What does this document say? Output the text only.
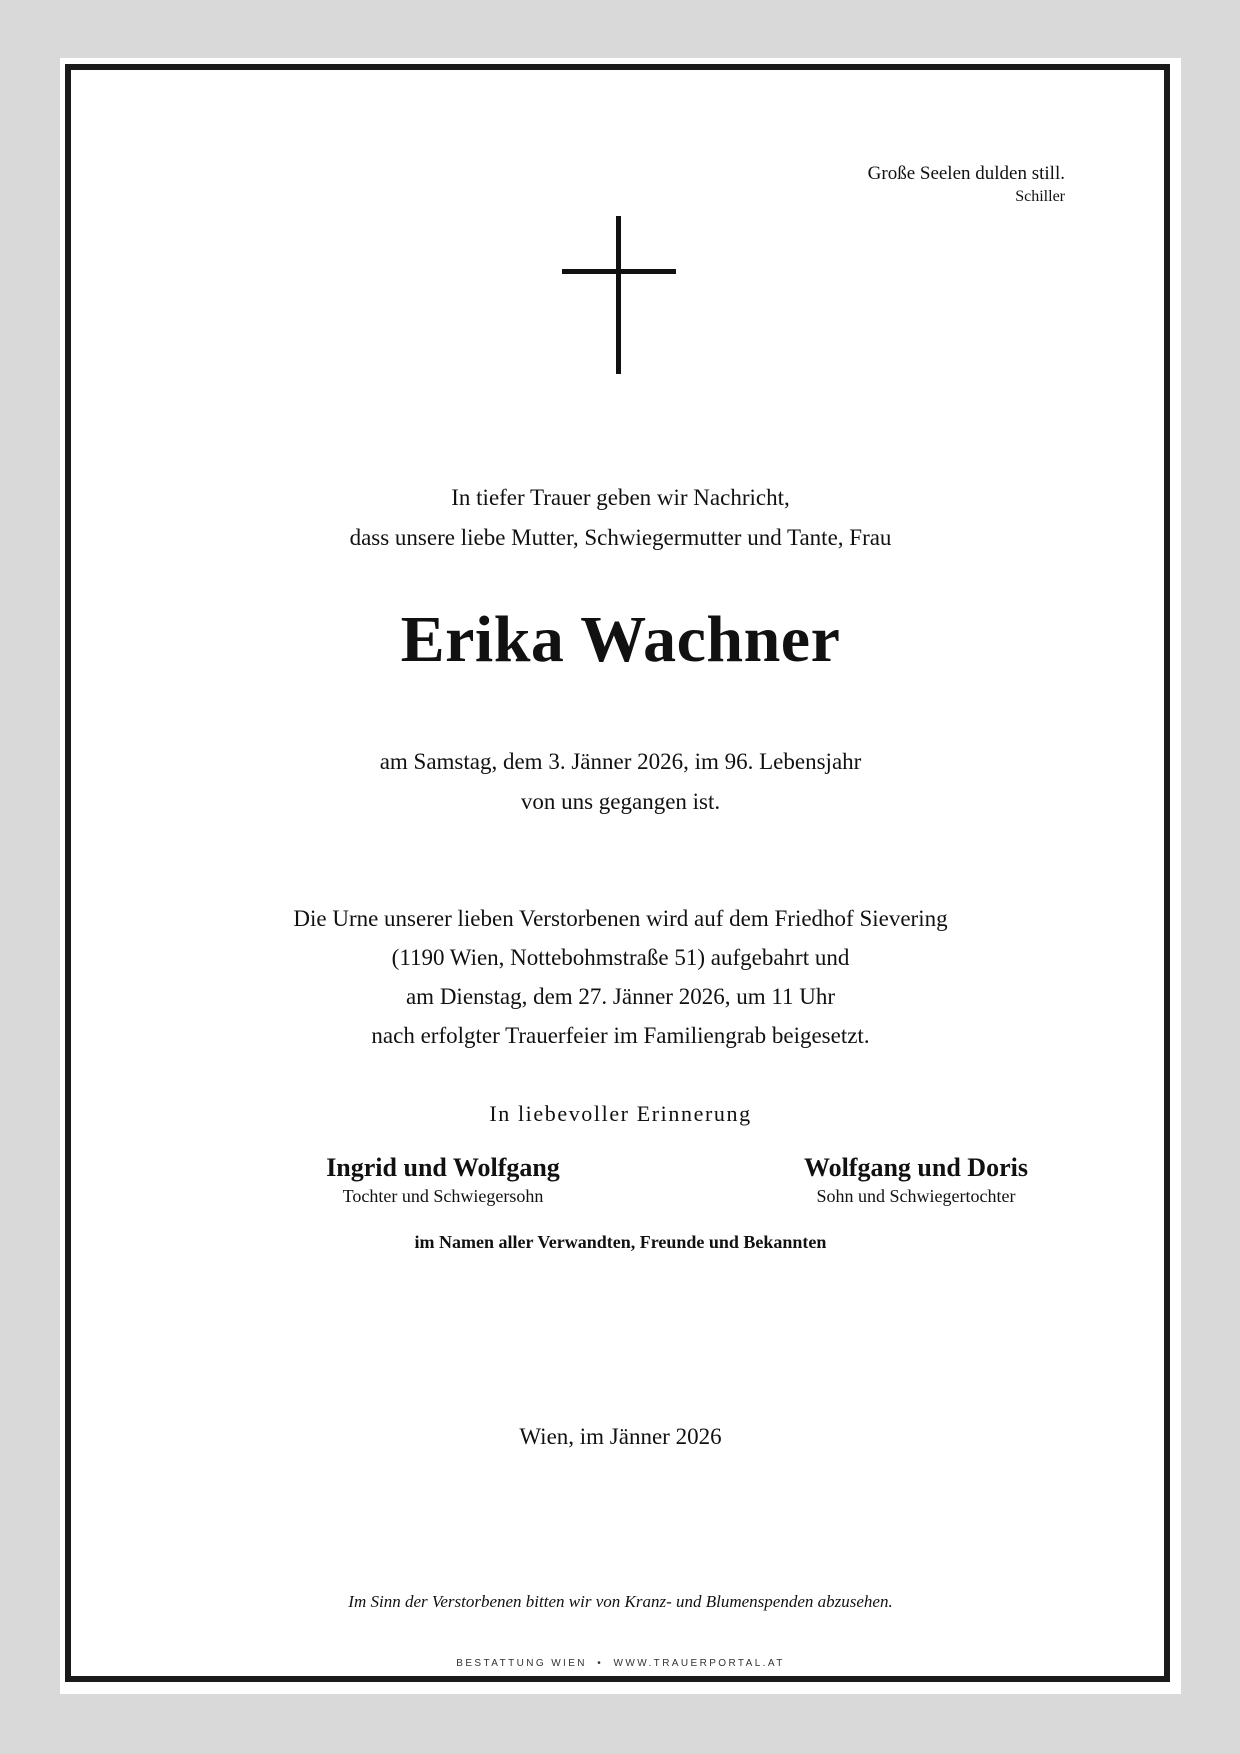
Große Seelen dulden still.
Schiller
In tiefer Trauer geben wir Nachricht,
dass unsere liebe Mutter, Schwiegermutter und Tante, Frau
Erika Wachner
am Samstag, dem 3. Jänner 2026, im 96. Lebensjahr
von uns gegangen ist.
Die Urne unserer lieben Verstorbenen wird auf dem Friedhof Sievering
(1190 Wien, Nottebohmstraße 51) aufgebahrt und
am Dienstag, dem 27. Jänner 2026, um 11 Uhr
nach erfolgter Trauerfeier im Familiengrab beigesetzt.
In liebevoller Erinnerung
Ingrid und Wolfgang
Tochter und Schwiegersohn
Wolfgang und Doris
Sohn und Schwiegertochter
im Namen aller Verwandten, Freunde und Bekannten
Wien, im Jänner 2026
Im Sinn der Verstorbenen bitten wir von Kranz- und Blumenspenden abzusehen.
BESTATTUNG WIEN  •  WWW.TRAUERPORTAL.AT
